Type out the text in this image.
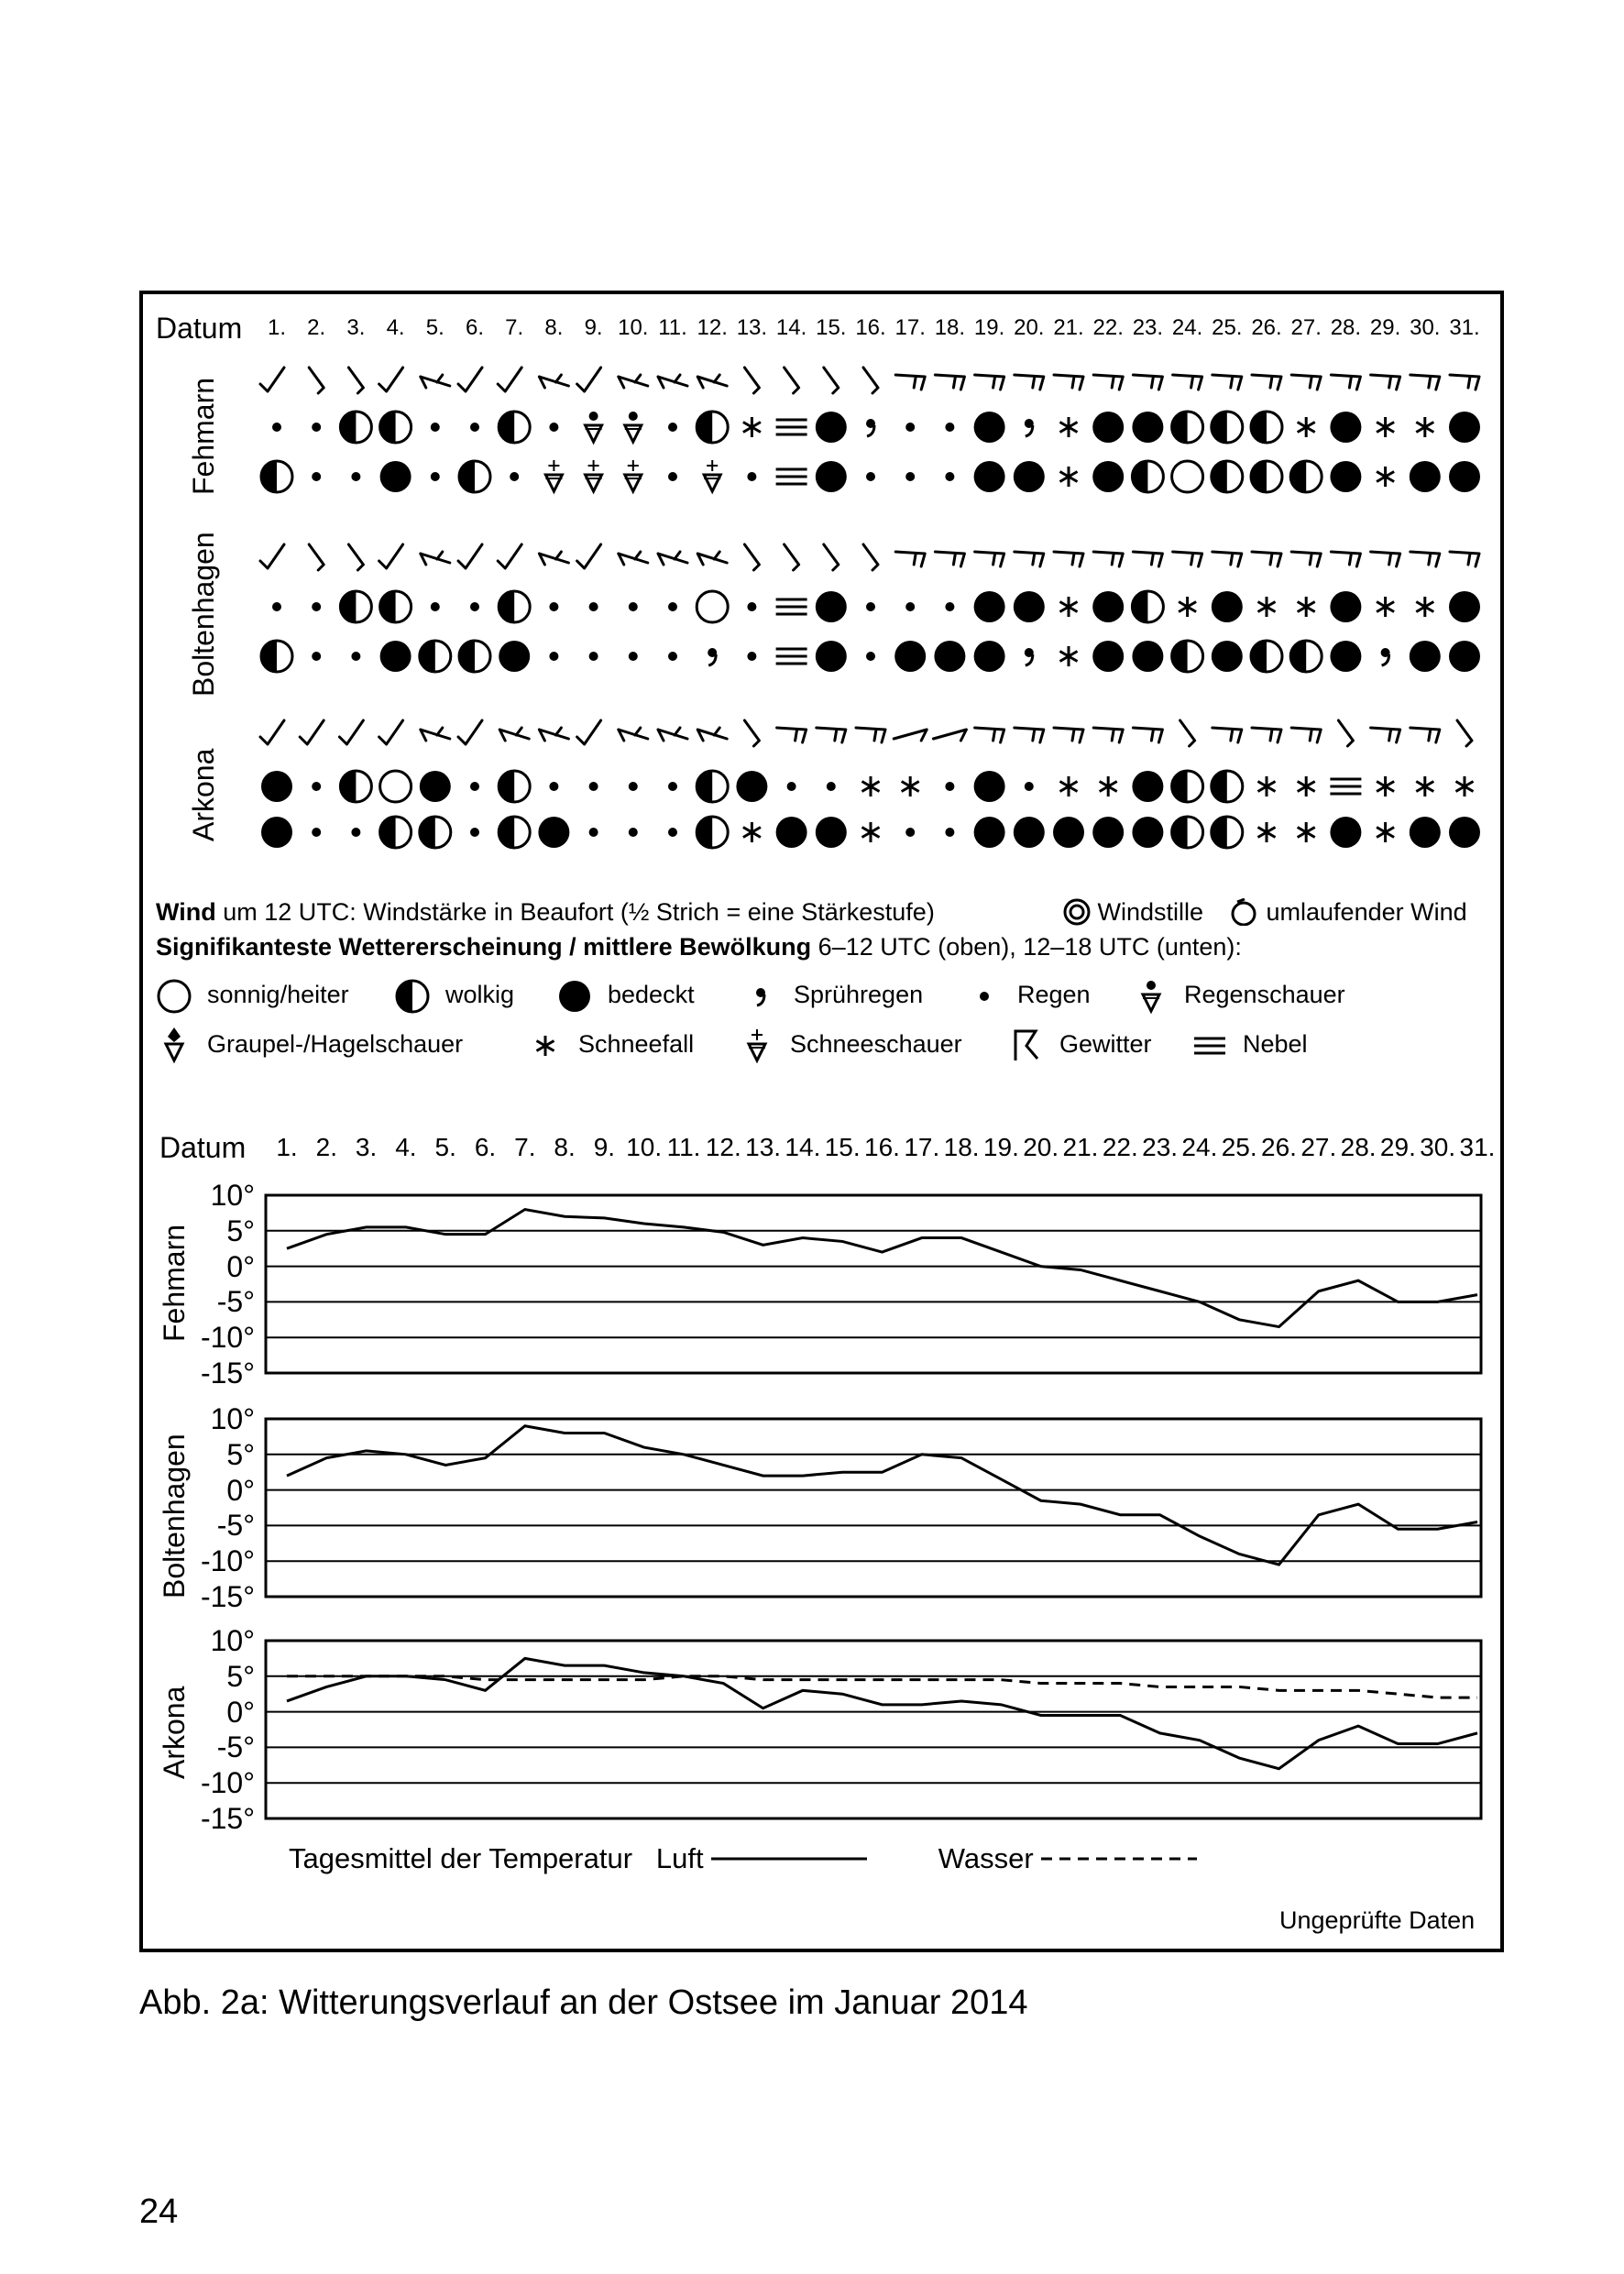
Datum 1. 2. 3. 4. 5. 6. 7. 8. 9. 10. 11. 12. 13. 14. 15. 16. 17. 18. 19. 20. 21. 22. 23. 24. 25. 26. 27. 28. 29. 30. 31.
Fehmarn
Boltenhagen
Arkona
Wind um 12 UTC: Windstärke in Beaufort (½ Strich = eine Stärkestufe)	Windstille	umlaufender Wind
Signifikanteste Wettererscheinung / mittlere Bewölkung 6–12 UTC (oben), 12–18 UTC (unten):
sonnig/heiter	wolkig	bedeckt	Sprühregen	Regen	Regenschauer
Graupel-/Hagelschauer	Schneefall	Schneeschauer	Gewitter	Nebel
Datum 1. 2. 3. 4. 5. 6. 7. 8. 9. 10. 11. 12. 13. 14. 15. 16. 17. 18. 19. 20. 21. 22. 23. 24. 25. 26. 27. 28. 29. 30. 31.
10°
5°
0°
-5°
-10°
-15°
Fehmarn
10°
5°
0°
-5°
-10°
-15°
Boltenhagen
10°
5°
0°
-5°
-10°
-15°
Arkona
Tagesmittel der Temperatur Luft	Wasser
Ungeprüfte Daten
Abb. 2a: Witterungsverlauf an der Ostsee im Januar 2014
24
